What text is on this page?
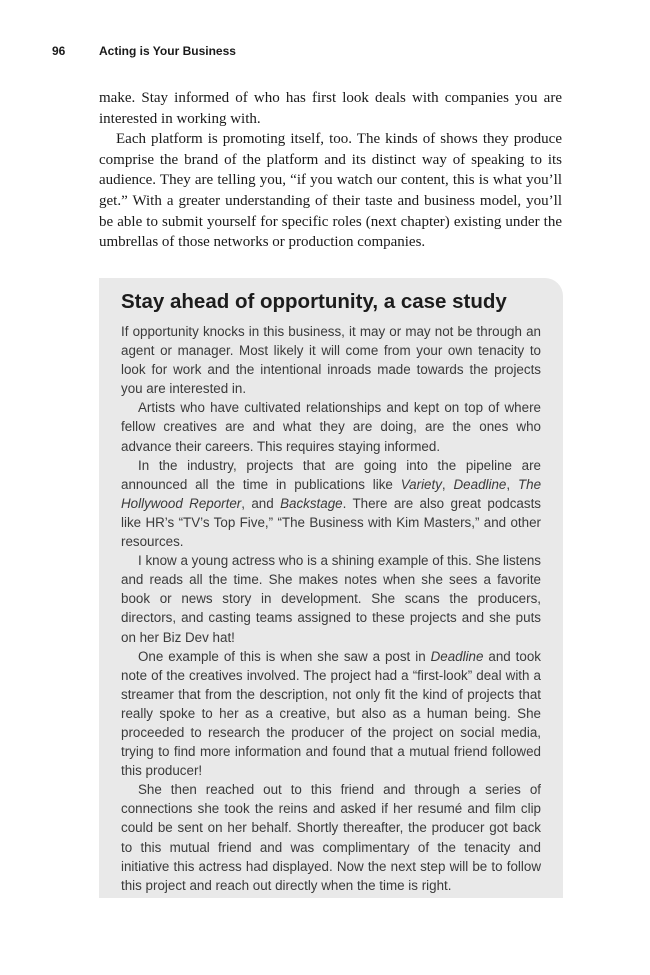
96	Acting is Your Business

make. Stay informed of who has first look deals with companies you are interested in working with.

Each platform is promoting itself, too. The kinds of shows they produce comprise the brand of the platform and its distinct way of speaking to its audience. They are telling you, “if you watch our content, this is what you’ll get.” With a greater understanding of their taste and business model, you’ll be able to submit yourself for specific roles (next chapter) existing under the umbrellas of those networks or production companies.

Stay ahead of opportunity, a case study

If opportunity knocks in this business, it may or may not be through an agent or manager. Most likely it will come from your own tenacity to look for work and the intentional inroads made towards the projects you are interested in.

Artists who have cultivated relationships and kept on top of where fellow creatives are and what they are doing, are the ones who advance their careers. This requires staying informed.

In the industry, projects that are going into the pipeline are announced all the time in publications like Variety, Deadline, The Hollywood Reporter, and Backstage. There are also great podcasts like HR’s “TV’s Top Five,” “The Business with Kim Masters,” and other resources.

I know a young actress who is a shining example of this. She listens and reads all the time. She makes notes when she sees a favorite book or news story in development. She scans the producers, directors, and casting teams assigned to these projects and she puts on her Biz Dev hat!

One example of this is when she saw a post in Deadline and took note of the creatives involved. The project had a “first-look” deal with a streamer that from the description, not only fit the kind of projects that really spoke to her as a creative, but also as a human being. She proceeded to research the producer of the project on social media, trying to find more information and found that a mutual friend followed this producer!

She then reached out to this friend and through a series of connections she took the reins and asked if her resumé and film clip could be sent on her behalf. Shortly thereafter, the producer got back to this mutual friend and was complimentary of the tenacity and initiative this actress had displayed. Now the next step will be to follow this project and reach out directly when the time is right.
